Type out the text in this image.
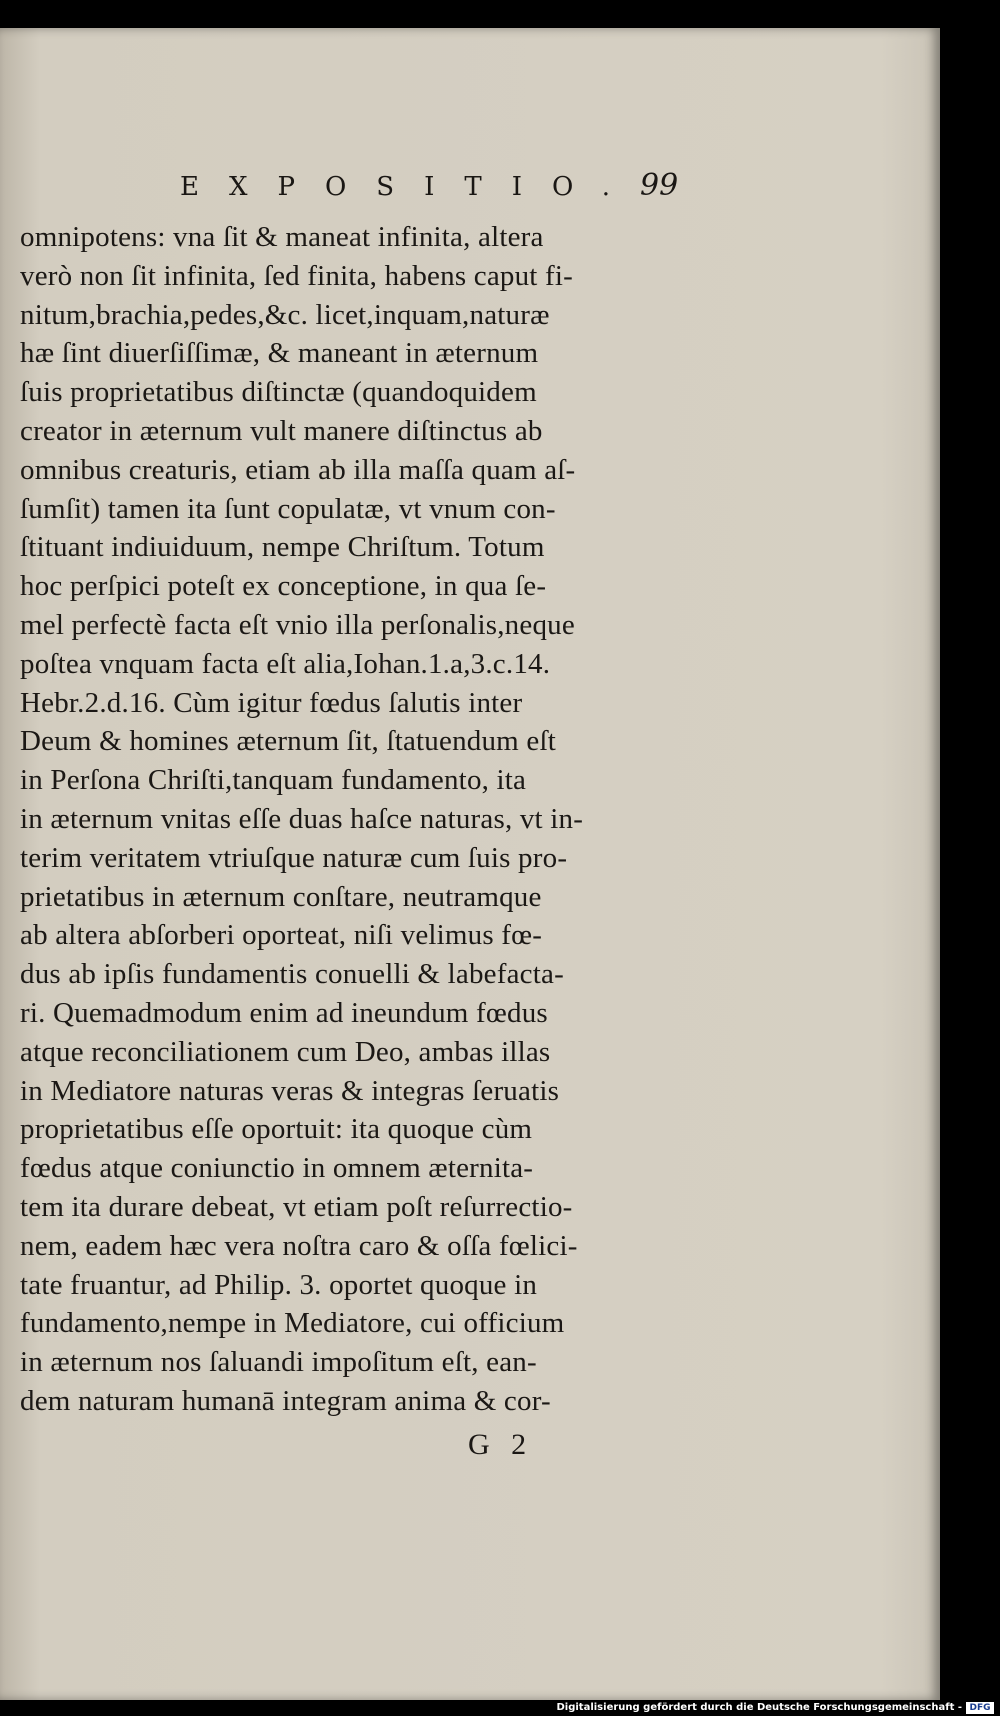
EXPOSITIO. 99
omnipotens: vna ſit & maneat infinita, altera
verò non ſit infinita, ſed finita, habens caput fi-
nitum,brachia,pedes,&c. licet,inquam,naturæ
hæ ſint diuerſiſſimæ, & maneant in æternum
ſuis proprietatibus diſtinctæ (quandoquidem
creator in æternum vult manere diſtinctus ab
omnibus creaturis, etiam ab illa maſſa quam aſ-
ſumſit) tamen ita ſunt copulatæ, vt vnum con-
ſtituant indiuiduum, nempe Chriſtum. Totum
hoc perſpici poteſt ex conceptione, in qua ſe-
mel perfectè facta eſt vnio illa perſonalis,neque
poſtea vnquam facta eſt alia,Iohan.1.a,3.c.14.
Hebr.2.d.16. Cùm igitur fœdus ſalutis inter
Deum & homines æternum ſit, ſtatuendum eſt
in Perſona Chriſti,tanquam fundamento, ita
in æternum vnitas eſſe duas haſce naturas, vt in-
terim veritatem vtriuſque naturæ cum ſuis pro-
prietatibus in æternum conſtare, neutramque
ab altera abſorberi oporteat, niſi velimus fœ-
dus ab ipſis fundamentis conuelli & labefacta-
ri. Quemadmodum enim ad ineundum fœdus
atque reconciliationem cum Deo, ambas illas
in Mediatore naturas veras & integras ſeruatis
proprietatibus eſſe oportuit: ita quoque cùm
fœdus atque coniunctio in omnem æternita-
tem ita durare debeat, vt etiam poſt reſurrectio-
nem, eadem hæc vera noſtra caro & oſſa fœlici-
tate fruantur, ad Philip. 3. oportet quoque in
fundamento,nempe in Mediatore, cui officium
in æternum nos ſaluandi impoſitum eſt, ean-
dem naturam humanā integram anima & cor-
G 2
Digitalisierung gefördert durch die Deutsche Forschungsgemeinschaft - DFG
